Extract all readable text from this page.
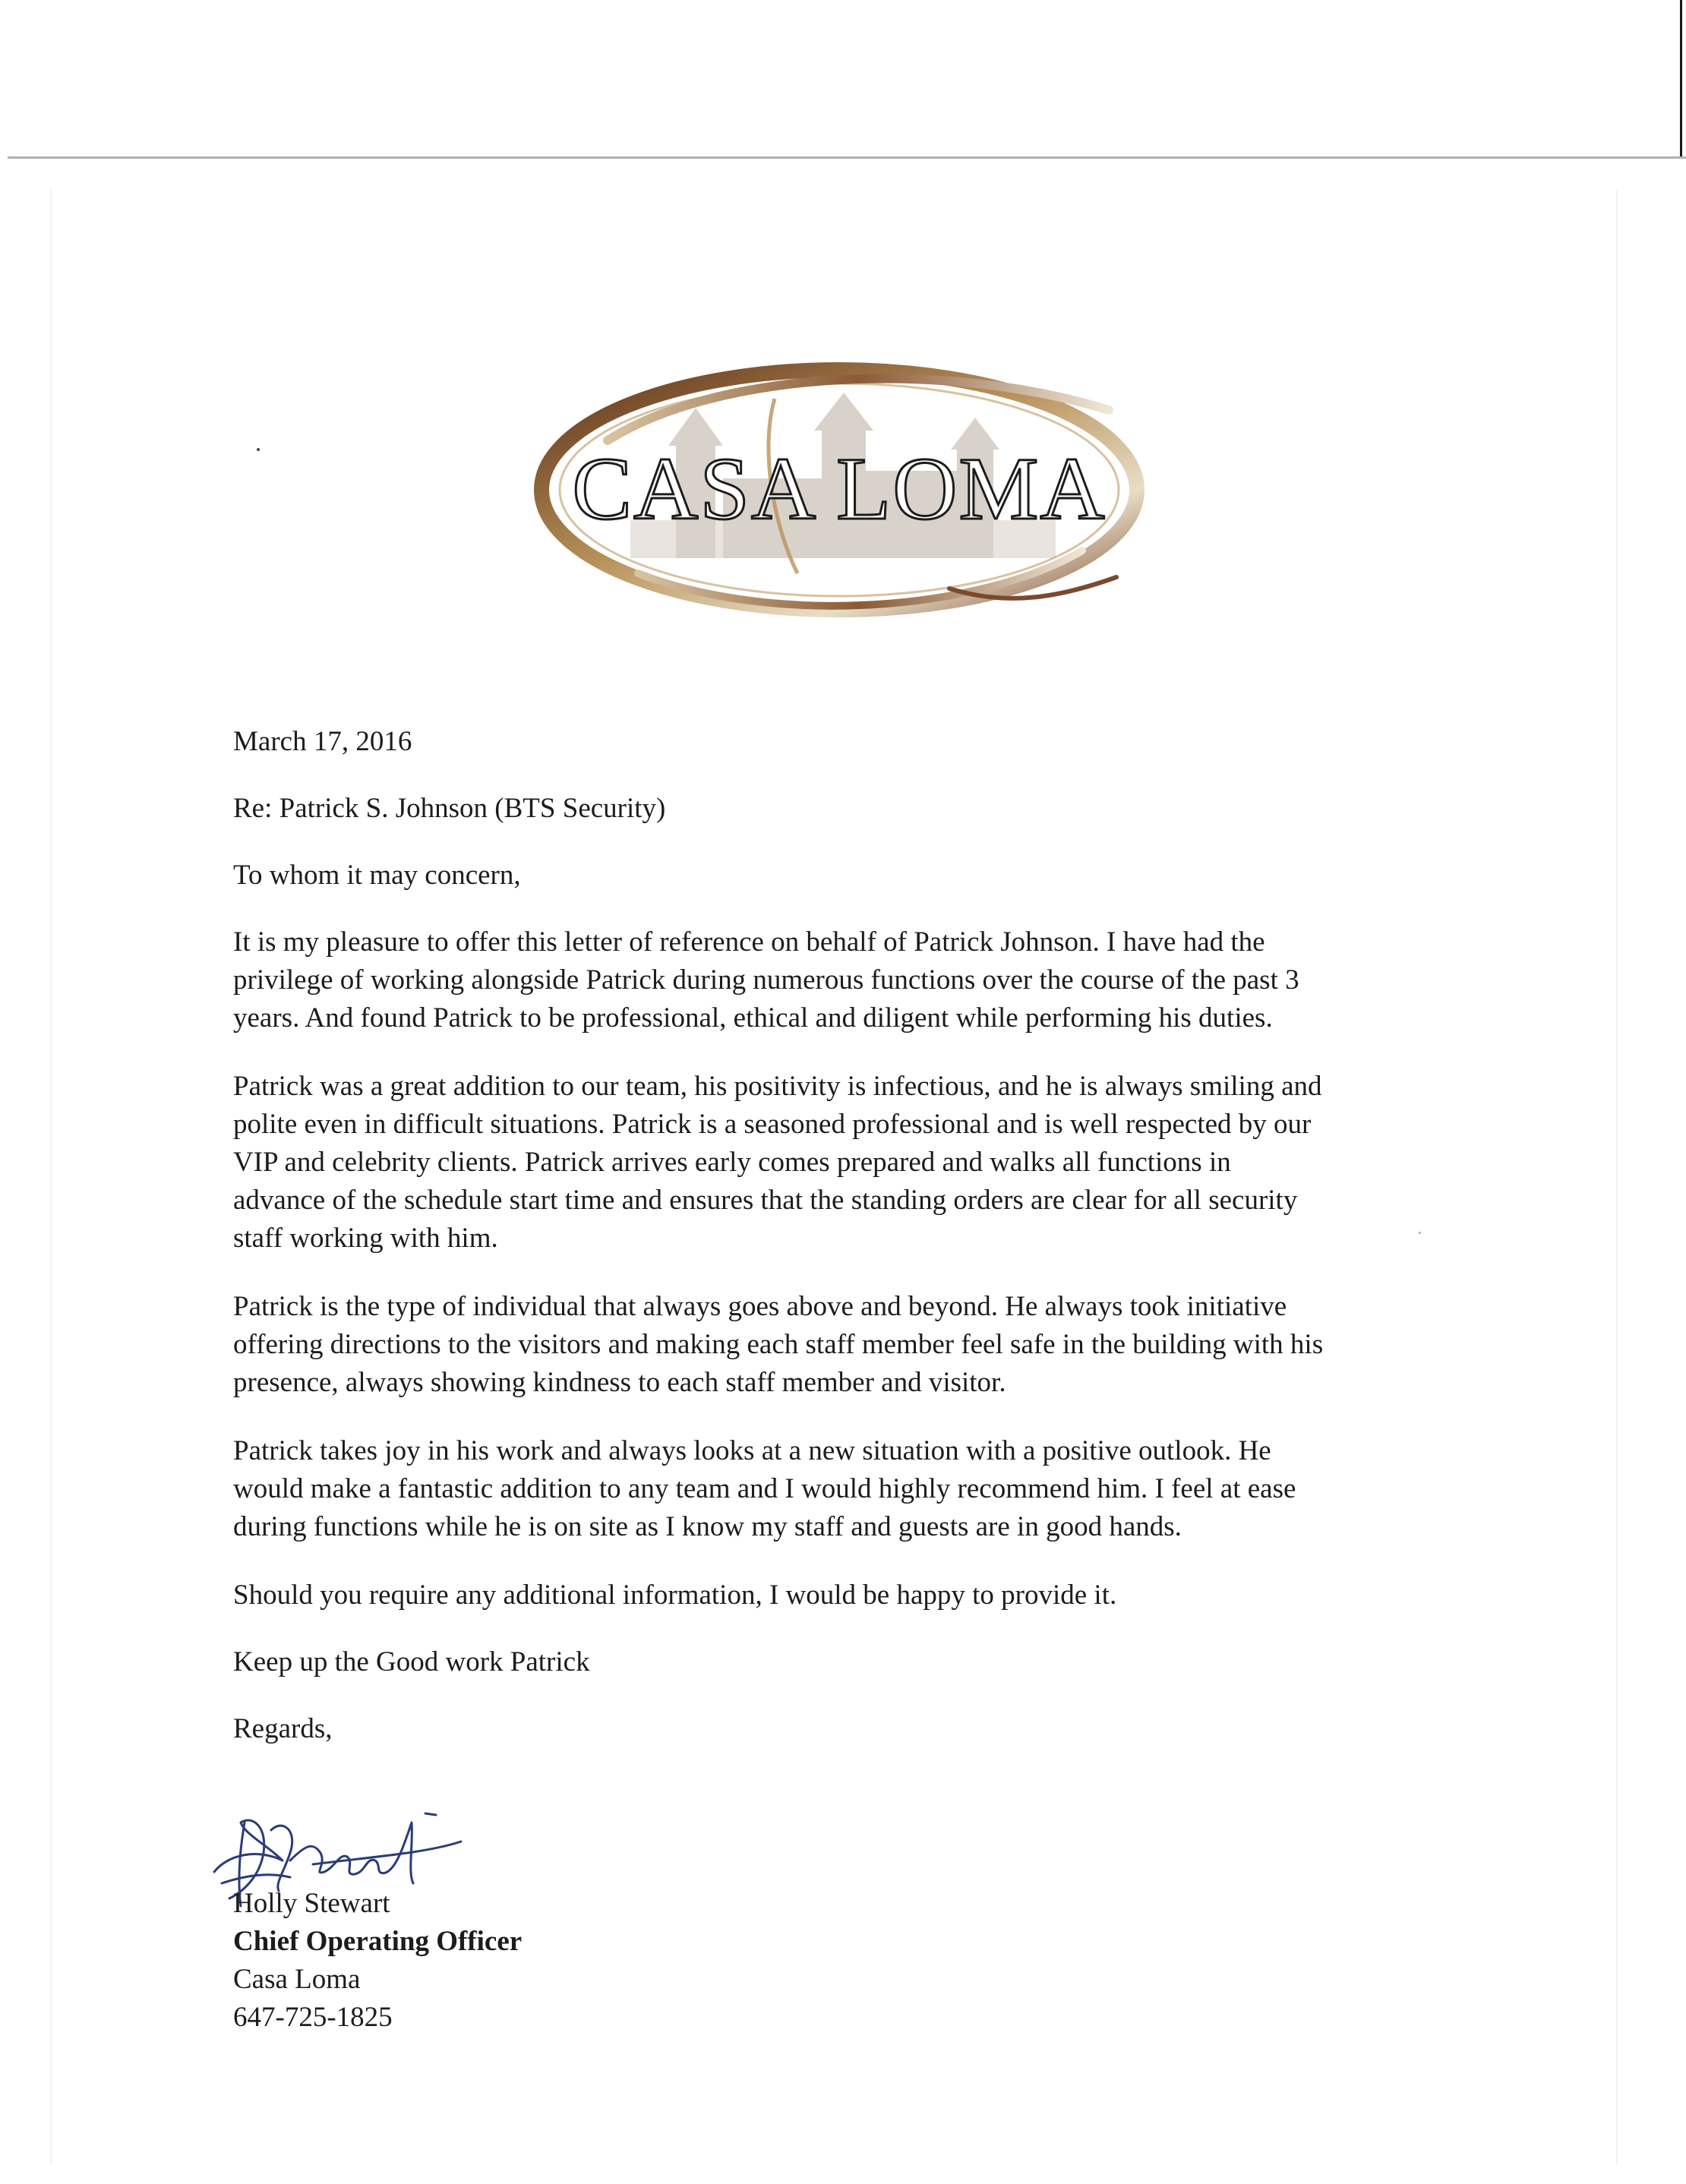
CASA LOMA

March 17, 2016

Re: Patrick S. Johnson (BTS Security)

To whom it may concern,

It is my pleasure to offer this letter of reference on behalf of Patrick Johnson. I have had the

privilege of working alongside Patrick during numerous functions over the course of the past 3

years. And found Patrick to be professional, ethical and diligent while performing his duties.

Patrick was a great addition to our team, his positivity is infectious, and he is always smiling and

polite even in difficult situations. Patrick is a seasoned professional and is well respected by our

VIP and celebrity clients. Patrick arrives early comes prepared and walks all functions in

advance of the schedule start time and ensures that the standing orders are clear for all security

staff working with him.

Patrick is the type of individual that always goes above and beyond. He always took initiative

offering directions to the visitors and making each staff member feel safe in the building with his

presence, always showing kindness to each staff member and visitor.

Patrick takes joy in his work and always looks at a new situation with a positive outlook. He

would make a fantastic addition to any team and I would highly recommend him. I feel at ease

during functions while he is on site as I know my staff and guests are in good hands.

Should you require any additional information, I would be happy to provide it.

Keep up the Good work Patrick

Regards,

Holly Stewart

Chief Operating Officer

Casa Loma

647-725-1825
